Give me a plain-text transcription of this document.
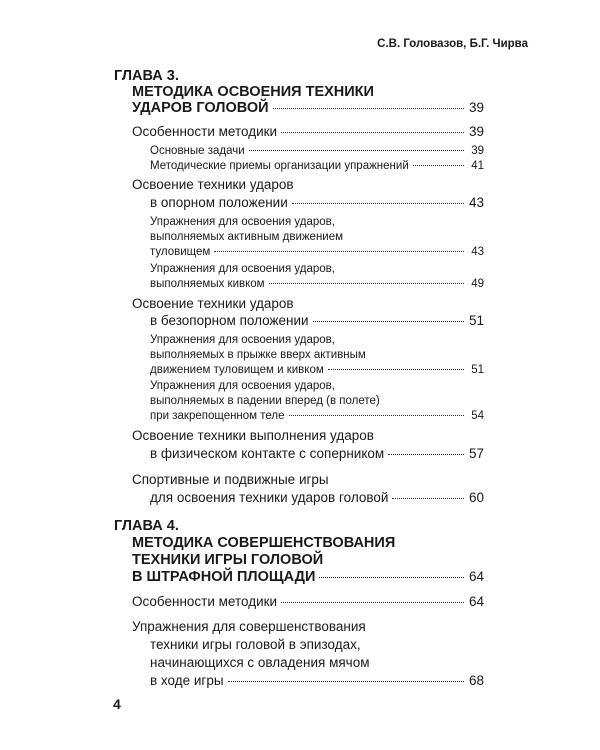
С.В. Головазов, Б.Г. Чирва
ГЛАВА 3.
МЕТОДИКА ОСВОЕНИЯ ТЕХНИКИ
УДАРОВ ГОЛОВОЙ	39
Особенности методики	39
Основные задачи	39
Методические приемы организации упражнений	41
Освоение техники ударов
в опорном положении	43
Упражнения для освоения ударов,
выполняемых активным движением
туловищем	43
Упражнения для освоения ударов,
выполняемых кивком	49
Освоение техники ударов
в безопорном положении	51
Упражнения для освоения ударов,
выполняемых в прыжке вверх активным
движением туловищем и кивком	51
Упражнения для освоения ударов,
выполняемых в падении вперед (в полете)
при закрепощенном теле	54
Освоение техники выполнения ударов
в физическом контакте с соперником	57
Спортивные и подвижные игры
для освоения техники ударов головой	60
ГЛАВА 4.
МЕТОДИКА СОВЕРШЕНСТВОВАНИЯ
ТЕХНИКИ ИГРЫ ГОЛОВОЙ
В ШТРАФНОЙ ПЛОЩАДИ	64
Особенности методики	64
Упражнения для совершенствования
техники игры головой в эпизодах,
начинающихся с овладения мячом
в ходе игры	68
4
